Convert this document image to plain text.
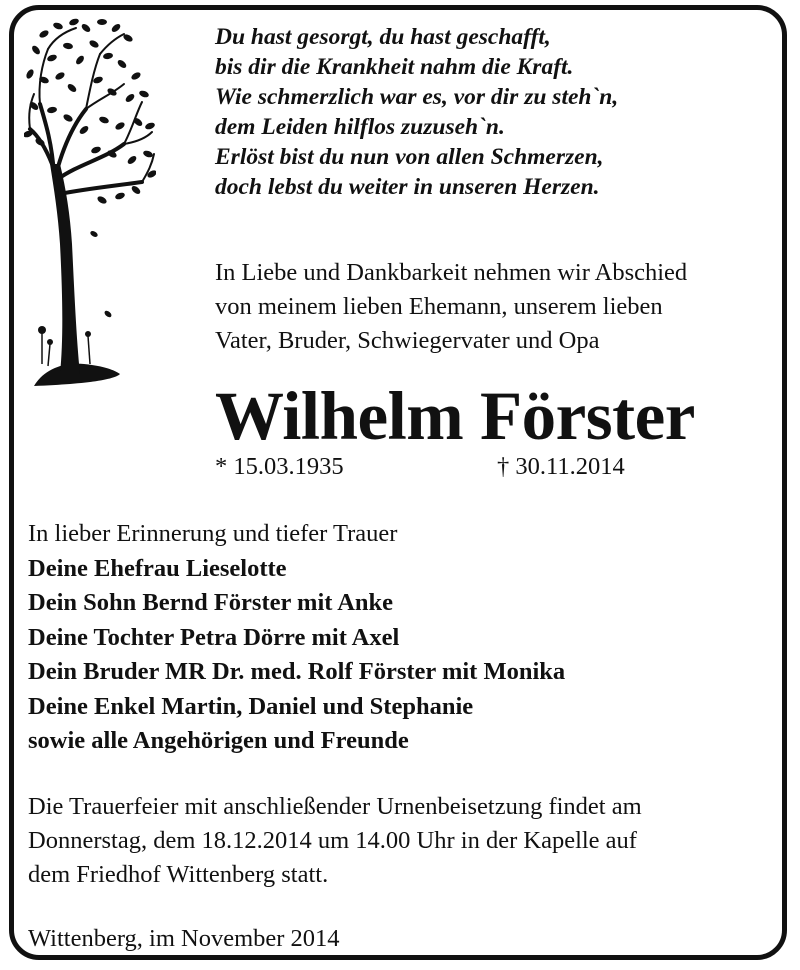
Du hast gesorgt, du hast geschafft,
bis dir die Krankheit nahm die Kraft.
Wie schmerzlich war es, vor dir zu steh`n,
dem Leiden hilflos zuzuseh`n.
Erlöst bist du nun von allen Schmerzen,
doch lebst du weiter in unseren Herzen.
In Liebe und Dankbarkeit nehmen wir Abschied
von meinem lieben Ehemann, unserem lieben
Vater, Bruder, Schwiegervater und Opa
Wilhelm Förster
* 15.03.1935	† 30.11.2014
In lieber Erinnerung und tiefer Trauer
Deine Ehefrau Lieselotte
Dein Sohn Bernd Förster mit Anke
Deine Tochter Petra Dörre mit Axel
Dein Bruder MR Dr. med. Rolf Förster mit Monika
Deine Enkel Martin, Daniel und Stephanie
sowie alle Angehörigen und Freunde
Die Trauerfeier mit anschließender Urnenbeisetzung findet am
Donnerstag, dem 18.12.2014 um 14.00 Uhr in der Kapelle auf
dem Friedhof Wittenberg statt.
Wittenberg, im November 2014
